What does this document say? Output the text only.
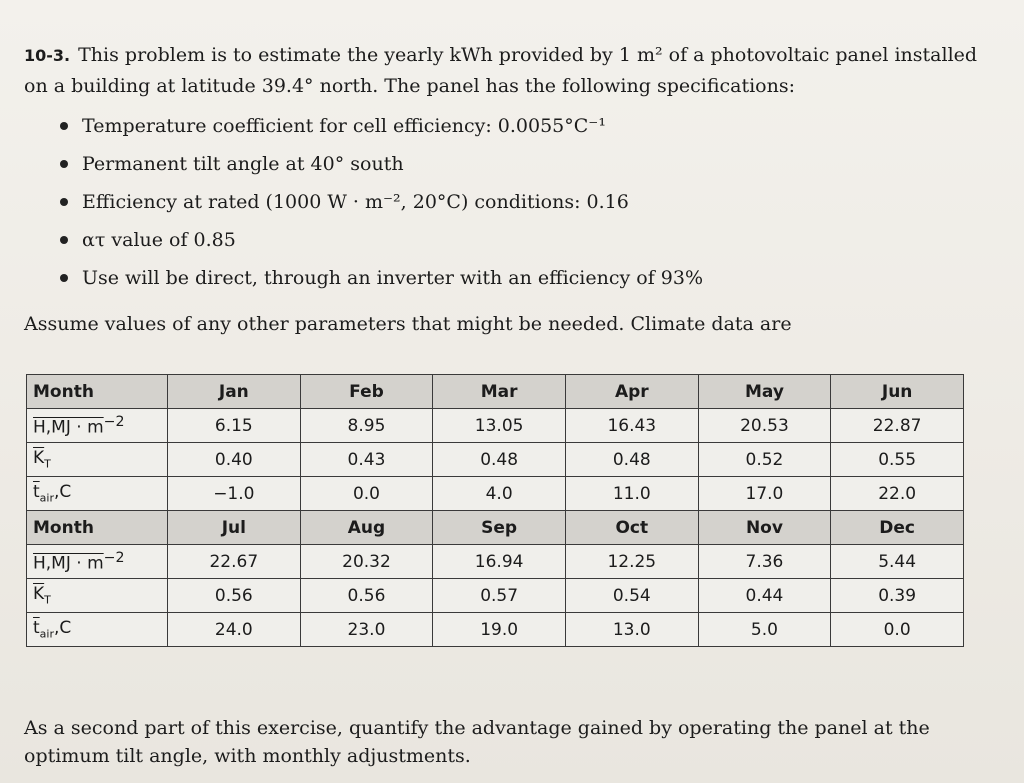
10-3. This problem is to estimate the yearly kWh provided by 1 m² of a photovoltaic panel installed on a building at latitude 39.4° north. The panel has the following specifications:
Temperature coefficient for cell efficiency: 0.0055°C⁻¹
Permanent tilt angle at 40° south
Efficiency at rated (1000 W · m⁻², 20°C) conditions: 0.16
ατ value of 0.85
Use will be direct, through an inverter with an efficiency of 93%
Assume values of any other parameters that might be needed. Climate data are
Month	Jan	Feb	Mar	Apr	May	Jun
$H,MJ \cdot m^{-2}$	6.15	8.95	13.05	16.43	20.53	22.87
$\overline{K}_T$	0.40	0.43	0.48	0.48	0.52	0.55
$\overline{t}_{air},C$	−1.0	0.0	4.0	11.0	17.0	22.0
Month	Jul	Aug	Sep	Oct	Nov	Dec
$H,MJ \cdot m^{-2}$	22.67	20.32	16.94	12.25	7.36	5.44
$\overline{K}_T$	0.56	0.56	0.57	0.54	0.44	0.39
$\overline{t}_{air},C$	24.0	23.0	19.0	13.0	5.0	0.0
As a second part of this exercise, quantify the advantage gained by operating the panel at the optimum tilt angle, with monthly adjustments.
